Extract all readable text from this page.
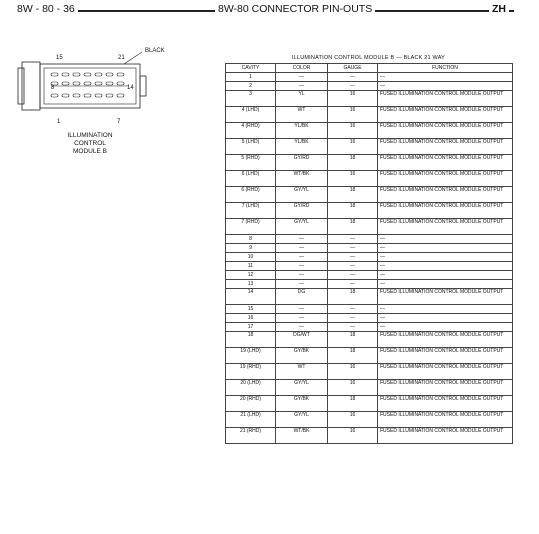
8W - 80 - 36	8W-80 CONNECTOR PIN-OUTS	ZH
15	21
BLACK
8	14
1	7
ILLUMINATION
CONTROL
MODULE B
ILLUMINATION CONTROL MODULE B — BLACK 21 WAY
CAVITY	COLOR	GAUGE	FUNCTION
1	—	—	—
2	—	—	—
3	YL	16	FUSED ILLUMINATION CONTROL MODULE OUTPUT
4 (LHD)	WT	16	FUSED ILLUMINATION CONTROL MODULE OUTPUT
4 (RHD)	YL/BK	16	FUSED ILLUMINATION CONTROL MODULE OUTPUT
5 (LHD)	YL/BK	16	FUSED ILLUMINATION CONTROL MODULE OUTPUT
5 (RHD)	GY/RD	18	FUSED ILLUMINATION CONTROL MODULE OUTPUT
6 (LHD)	WT/BK	16	FUSED ILLUMINATION CONTROL MODULE OUTPUT
6 (RHD)	GY/YL	18	FUSED ILLUMINATION CONTROL MODULE OUTPUT
7 (LHD)	GY/RD	18	FUSED ILLUMINATION CONTROL MODULE OUTPUT
7 (RHD)	GY/YL	18	FUSED ILLUMINATION CONTROL MODULE OUTPUT
8	—	—	—
9	—	—	—
10	—	—	—
11	—	—	—
12	—	—	—
13	—	—	—
14	DG	18	FUSED ILLUMINATION CONTROL MODULE OUTPUT
15	—	—	—
16	—	—	—
17	—	—	—
18	DG/WT	18	FUSED ILLUMINATION CONTROL MODULE OUTPUT
19 (LHD)	GY/BK	18	FUSED ILLUMINATION CONTROL MODULE OUTPUT
19 (RHD)	WT	16	FUSED ILLUMINATION CONTROL MODULE OUTPUT
20 (LHD)	GY/YL	16	FUSED ILLUMINATION CONTROL MODULE OUTPUT
20 (RHD)	GY/BK	18	FUSED ILLUMINATION CONTROL MODULE OUTPUT
21 (LHD)	GY/YL	16	FUSED ILLUMINATION CONTROL MODULE OUTPUT
21 (RHD)	WT/BK	16	FUSED ILLUMINATION CONTROL MODULE OUTPUT
